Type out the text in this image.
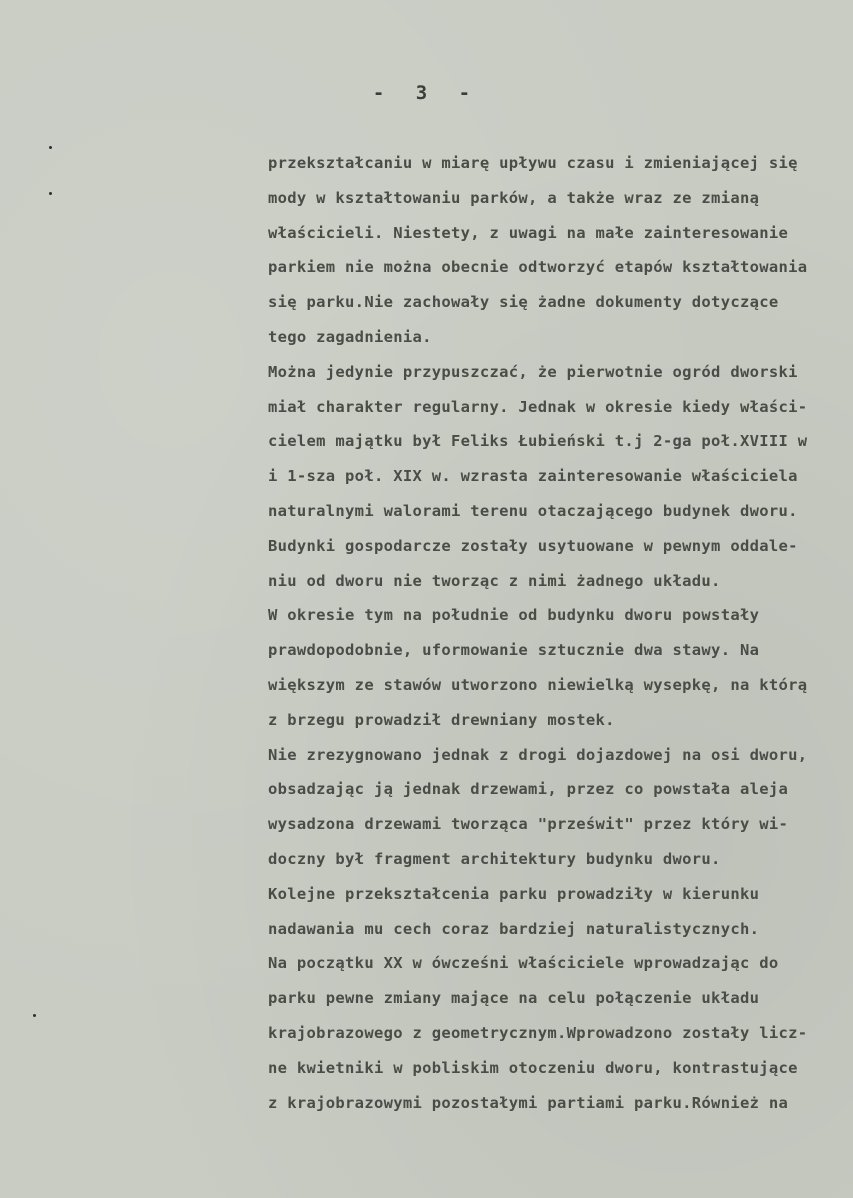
- 3 -
przekształcaniu w miarę upływu czasu i zmieniającej się
mody w kształtowaniu parków, a także wraz ze zmianą
właścicieli. Niestety, z uwagi na małe zainteresowanie
parkiem nie można obecnie odtworzyć etapów kształtowania
się parku.Nie zachowały się żadne dokumenty dotyczące
tego zagadnienia.
Można jedynie przypuszczać, że pierwotnie ogród dworski
miał charakter regularny. Jednak w okresie kiedy właści-
cielem majątku był Feliks Łubieński t.j 2-ga poł.XVIII w
i 1-sza poł. XIX w. wzrasta zainteresowanie właściciela
naturalnymi walorami terenu otaczającego budynek dworu.
Budynki gospodarcze zostały usytuowane w pewnym oddale-
niu od dworu nie tworząc z nimi żadnego układu.
W okresie tym na południe od budynku dworu powstały
prawdopodobnie, uformowanie sztucznie dwa stawy. Na
większym ze stawów utworzono niewielką wysepkę, na którą
z brzegu prowadził drewniany mostek.
Nie zrezygnowano jednak z drogi dojazdowej na osi dworu,
obsadzając ją jednak drzewami, przez co powstała aleja
wysadzona drzewami tworząca "prześwit" przez który wi-
doczny był fragment architektury budynku dworu.
Kolejne przekształcenia parku prowadziły w kierunku
nadawania mu cech coraz bardziej naturalistycznych.
Na początku XX w ówcześni właściciele wprowadzając do
parku pewne zmiany mające na celu połączenie układu
krajobrazowego z geometrycznym.Wprowadzono zostały licz-
ne kwietniki w pobliskim otoczeniu dworu, kontrastujące
z krajobrazowymi pozostałymi partiami parku.Również na
